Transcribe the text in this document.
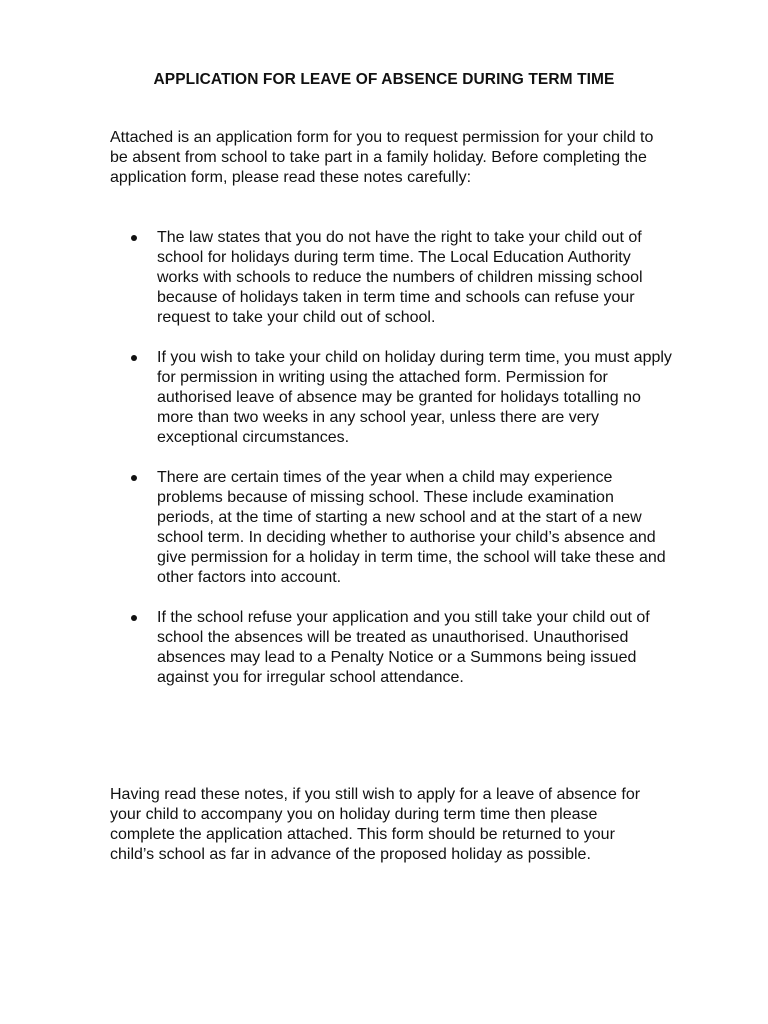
APPLICATION FOR LEAVE OF ABSENCE DURING TERM TIME

Attached is an application form for you to request permission for your child to be absent from school to take part in a family holiday. Before completing the application form, please read these notes carefully:

The law states that you do not have the right to take your child out of school for holidays during term time. The Local Education Authority works with schools to reduce the numbers of children missing school because of holidays taken in term time and schools can refuse your request to take your child out of school.
If you wish to take your child on holiday during term time, you must apply for permission in writing using the attached form. Permission for authorised leave of absence may be granted for holidays totalling no more than two weeks in any school year, unless there are very exceptional circumstances.
There are certain times of the year when a child may experience problems because of missing school. These include examination periods, at the time of starting a new school and at the start of a new school term. In deciding whether to authorise your child’s absence and give permission for a holiday in term time, the school will take these and other factors into account.
If the school refuse your application and you still take your child out of school the absences will be treated as unauthorised. Unauthorised absences may lead to a Penalty Notice or a Summons being issued against you for irregular school attendance.

Having read these notes, if you still wish to apply for a leave of absence for your child to accompany you on holiday during term time then please complete the application attached. This form should be returned to your child’s school as far in advance of the proposed holiday as possible.
